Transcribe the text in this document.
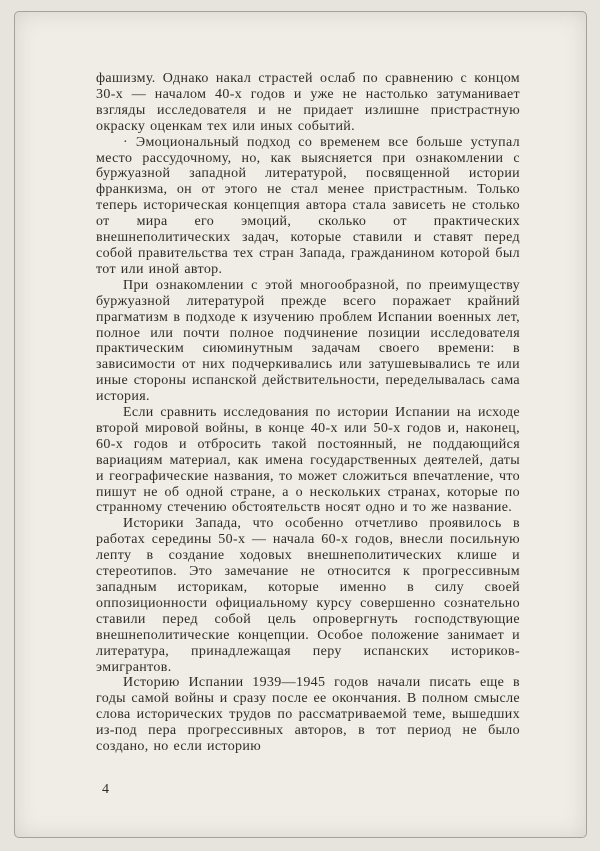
фашизму. Однако накал страстей ослаб по сравнению с концом 30-х — началом 40-х годов и уже не настолько затуманивает взгляды исследователя и не придает излишне пристрастную окраску оценкам тех или иных событий.

· Эмоциональный подход со временем все больше уступал место рассудочному, но, как выясняется при ознакомлении с буржуазной западной литературой, посвященной истории франкизма, он от этого не стал менее пристрастным. Только теперь историческая концепция автора стала зависеть не столько от мира его эмоций, сколько от практических внешнеполитических задач, которые ставили и ставят перед собой правительства тех стран Запада, гражданином которой был тот или иной автор.

При ознакомлении с этой многообразной, по преимуществу буржуазной литературой прежде всего поражает крайний прагматизм в подходе к изучению проблем Испании военных лет, полное или почти полное подчинение позиции исследователя практическим сиюминутным задачам своего времени: в зависимости от них подчеркивались или затушевывались те или иные стороны испанской действительности, переделывалась сама история.

Если сравнить исследования по истории Испании на исходе второй мировой войны, в конце 40-х или 50-х годов и, наконец, 60-х годов и отбросить такой постоянный, не поддающийся вариациям материал, как имена государственных деятелей, даты и географические названия, то может сложиться впечатление, что пишут не об одной стране, а о нескольких странах, которые по странному стечению обстоятельств носят одно и то же название.

Историки Запада, что особенно отчетливо проявилось в работах середины 50-х — начала 60-х годов, внесли посильную лепту в создание ходовых внешнеполитических клише и стереотипов. Это замечание не относится к прогрессивным западным историкам, которые именно в силу своей оппозиционности официальному курсу совершенно сознательно ставили перед собой цель опровергнуть господствующие внешнеполитические концепции. Особое положение занимает и литература, принадлежащая перу испанских историков-эмигрантов.

Историю Испании 1939—1945 годов начали писать еще в годы самой войны и сразу после ее окончания. В полном смысле слова исторических трудов по рассматриваемой теме, вышедших из-под пера прогрессивных авторов, в тот период не было создано, но если историю

4
